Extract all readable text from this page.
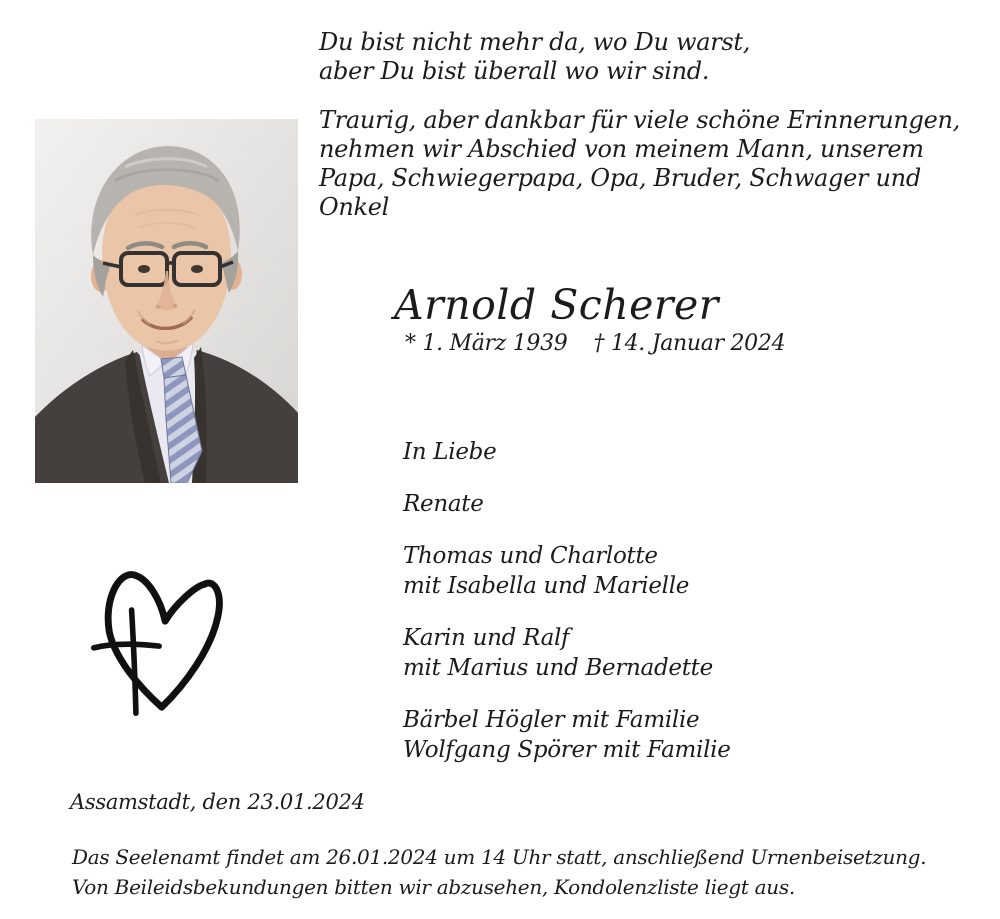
Du bist nicht mehr da, wo Du warst,
aber Du bist überall wo wir sind.
Traurig, aber dankbar für viele schöne Erinnerungen,
nehmen wir Abschied von meinem Mann, unserem
Papa, Schwiegerpapa, Opa, Bruder, Schwager und
Onkel
Arnold Scherer
* 1. März 1939 † 14. Januar 2024
In Liebe
Renate
Thomas und Charlotte
mit Isabella und Marielle
Karin und Ralf
mit Marius und Bernadette
Bärbel Högler mit Familie
Wolfgang Spörer mit Familie
Assamstadt, den 23.01.2024
Das Seelenamt findet am 26.01.2024 um 14 Uhr statt, anschließend Urnenbeisetzung.
Von Beileidsbekundungen bitten wir abzusehen, Kondolenzliste liegt aus.
